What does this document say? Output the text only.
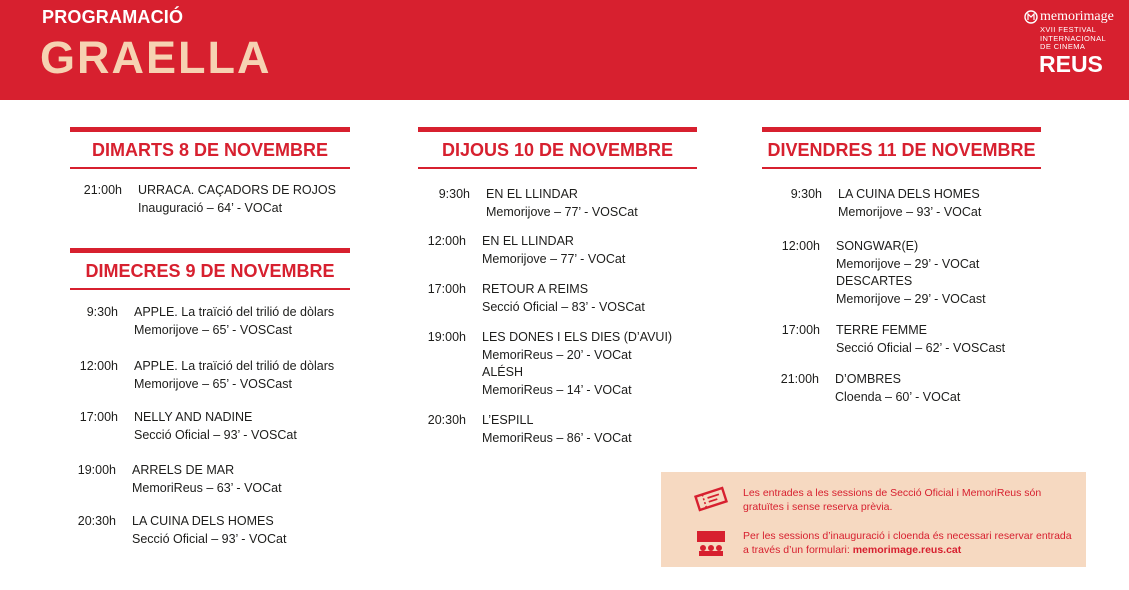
PROGRAMACIÓ
GRAELLA
memorimage
XVII FESTIVAL
INTERNACIONAL
DE CINEMA
REUS
DIMARTS 8 DE NOVEMBRE
21:00h URRACA. CAÇADORS DE ROJOS
Inauguració – 64’ - VOCat
DIMECRES 9 DE NOVEMBRE
9:30h APPLE. La traïció del trilió de dòlars
Memorijove – 65’ - VOSCast
12:00h APPLE. La traïció del trilió de dòlars
Memorijove – 65’ - VOSCast
17:00h NELLY AND NADINE
Secció Oficial – 93’ - VOSCat
19:00h ARRELS DE MAR
MemoriReus – 63’ - VOCat
20:30h LA CUINA DELS HOMES
Secció Oficial – 93’ - VOCat
DIJOUS 10 DE NOVEMBRE
9:30h EN EL LLINDAR
Memorijove – 77’ - VOSCat
12:00h EN EL LLINDAR
Memorijove – 77’ - VOCat
17:00h RETOUR A REIMS
Secció Oficial – 83’ - VOSCat
19:00h LES DONES I ELS DIES (D’AVUI)
MemoriReus – 20’ - VOCat
ALÉSH
MemoriReus – 14’ - VOCat
20:30h L’ESPILL
MemoriReus – 86’ - VOCat
DIVENDRES 11 DE NOVEMBRE
9:30h LA CUINA DELS HOMES
Memorijove – 93’ - VOCat
12:00h SONGWAR(E)
Memorijove – 29’ - VOCat
DESCARTES
Memorijove – 29’ - VOCast
17:00h TERRE FEMME
Secció Oficial – 62’ - VOSCast
21:00h D’OMBRES
Cloenda – 60’ - VOCat
Les entrades a les sessions de Secció Oficial i MemoriReus són gratuïtes i sense reserva prèvia.
Per les sessions d’inauguració i cloenda és necessari reservar entrada a través d’un formulari: memorimage.reus.cat
